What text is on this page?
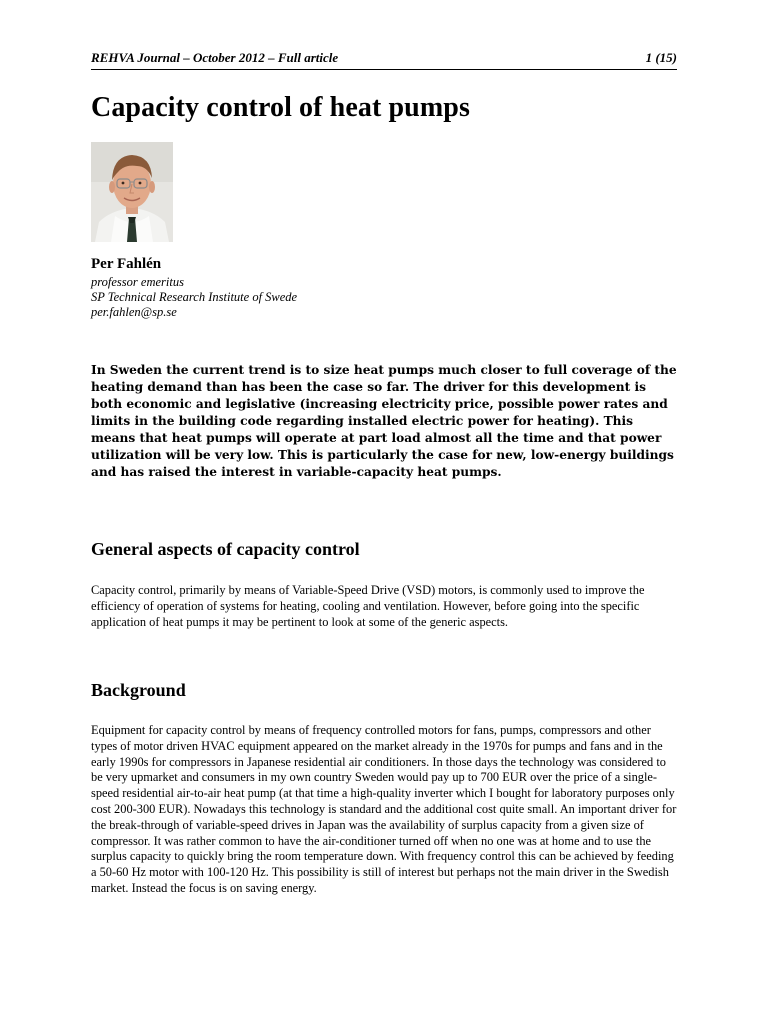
REHVA Journal – October 2012 – Full article	1 (15)
Capacity control of heat pumps

Per Fahlén

professor emeritus

SP Technical Research Institute of Swede

per.fahlen@sp.se

In Sweden the current trend is to size heat pumps much closer to full coverage of the heating demand than has been the case so far. The driver for this development is both economic and legislative (increasing electricity price, possible power rates and limits in the building code regarding installed electric power for heating). This means that heat pumps will operate at part load almost all the time and that power utilization will be very low. This is particularly the case for new, low-energy buildings and has raised the interest in variable-capacity heat pumps.

General aspects of capacity control

Capacity control, primarily by means of Variable-Speed Drive (VSD) motors, is commonly used to improve the efficiency of operation of systems for heating, cooling and ventilation. However, before going into the specific application of heat pumps it may be pertinent to look at some of the generic aspects.

Background

Equipment for capacity control by means of frequency controlled motors for fans, pumps, compressors and other types of motor driven HVAC equipment appeared on the market already in the 1970s for pumps and fans and in the early 1990s for compressors in Japanese residential air conditioners. In those days the technology was considered to be very upmarket and consumers in my own country Sweden would pay up to 700 EUR over the price of a single-speed residential air-to-air heat pump (at that time a high-quality inverter which I bought for laboratory purposes only cost 200-300 EUR). Nowadays this technology is standard and the additional cost quite small. An important driver for the break-through of variable-speed drives in Japan was the availability of surplus capacity from a given size of compressor. It was rather common to have the air-conditioner turned off when no one was at home and to use the surplus capacity to quickly bring the room temperature down. With frequency control this can be achieved by feeding a 50-60 Hz motor with 100-120 Hz. This possibility is still of interest but perhaps not the main driver in the Swedish market. Instead the focus is on saving energy.
